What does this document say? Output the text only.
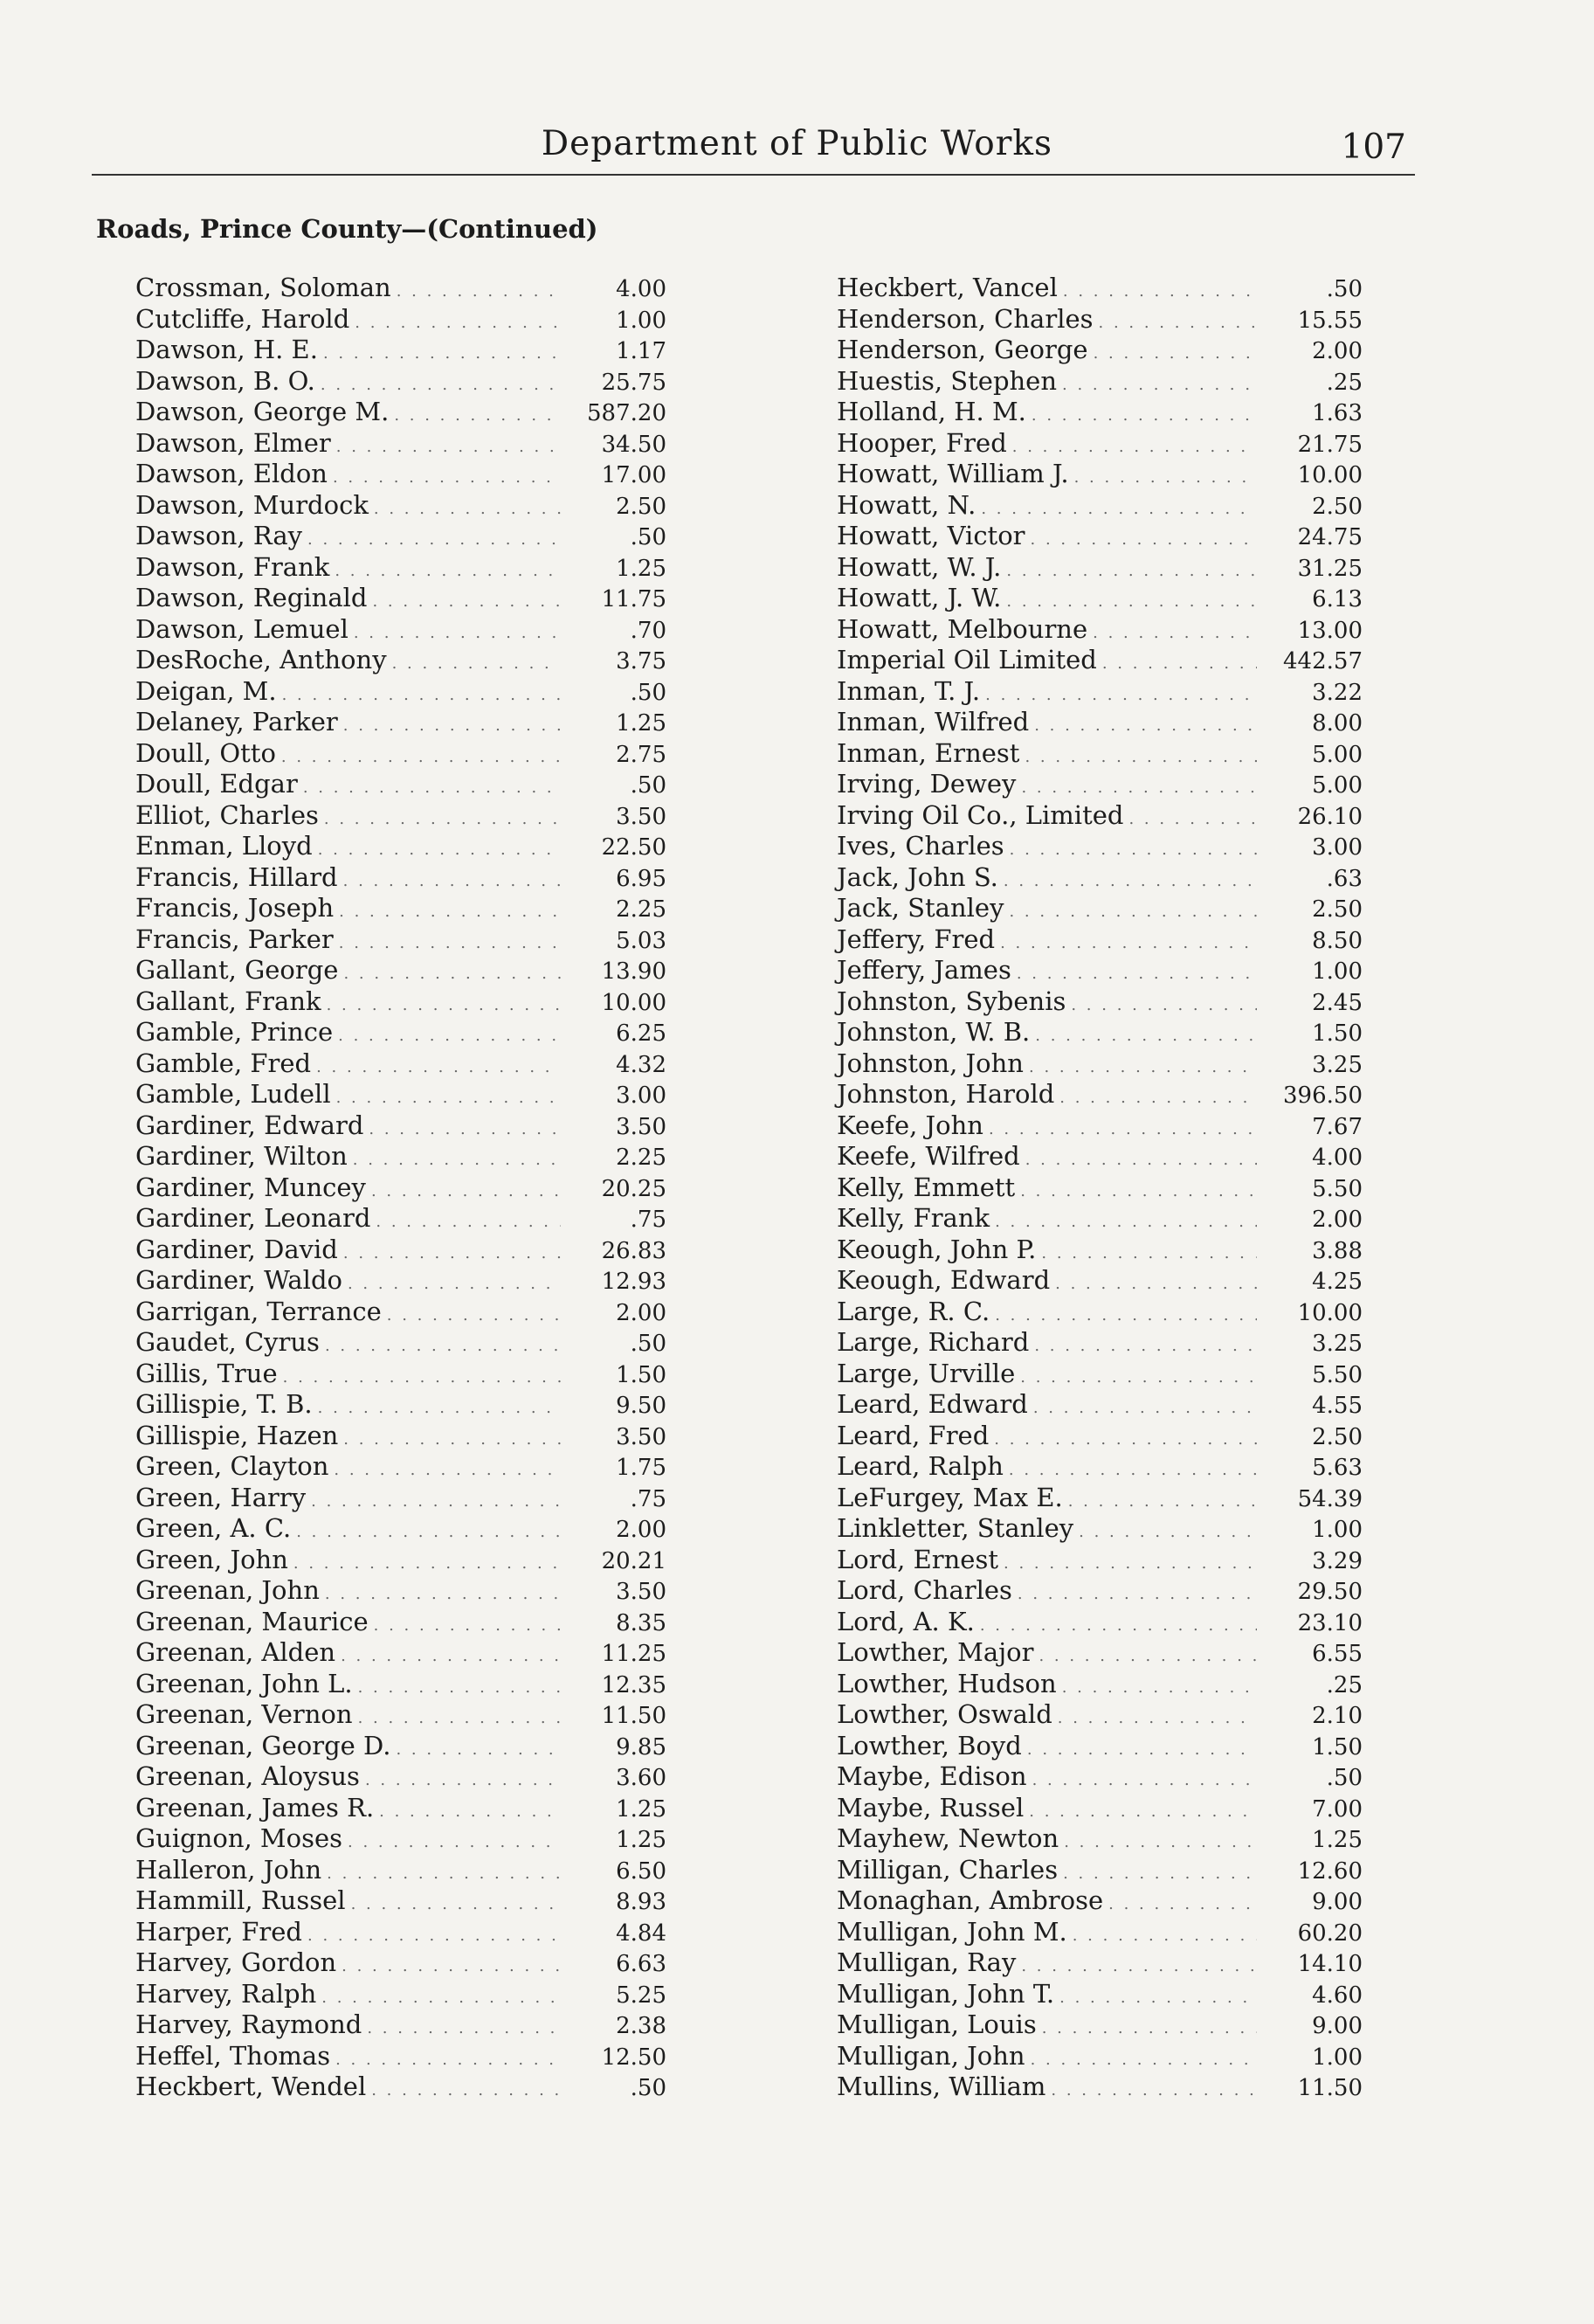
Department of Public Works	107
Roads, Prince County—(Continued)
Crossman, Soloman . . .	4.00
Cutcliffe, Harold . . .	1.00
Dawson, H. E. . . .	1.17
Dawson, B. O. . . .	25.75
Dawson, George M. . . .	587.20
Dawson, Elmer . . .	34.50
Dawson, Eldon . . .	17.00
Dawson, Murdock . . .	2.50
Dawson, Ray . . .	.50
Dawson, Frank . . .	1.25
Dawson, Reginald . . .	11.75
Dawson, Lemuel . . .	.70
DesRoche, Anthony . . .	3.75
Deigan, M. . . .	.50
Delaney, Parker . . .	1.25
Doull, Otto . . .	2.75
Doull, Edgar . . .	.50
Elliot, Charles . . .	3.50
Enman, Lloyd . . .	22.50
Francis, Hillard . . .	6.95
Francis, Joseph . . .	2.25
Francis, Parker . . .	5.03
Gallant, George . . .	13.90
Gallant, Frank . . .	10.00
Gamble, Prince . . .	6.25
Gamble, Fred . . .	4.32
Gamble, Ludell . . .	3.00
Gardiner, Edward . . .	3.50
Gardiner, Wilton . . .	2.25
Gardiner, Muncey . . .	20.25
Gardiner, Leonard . . .	.75
Gardiner, David . . .	26.83
Gardiner, Waldo . . .	12.93
Garrigan, Terrance . . .	2.00
Gaudet, Cyrus . . .	.50
Gillis, True . . .	1.50
Gillispie, T. B. . . .	9.50
Gillispie, Hazen . . .	3.50
Green, Clayton . . .	1.75
Green, Harry . . .	.75
Green, A. C. . . .	2.00
Green, John . . .	20.21
Greenan, John . . .	3.50
Greenan, Maurice . . .	8.35
Greenan, Alden . . .	11.25
Greenan, John L. . . .	12.35
Greenan, Vernon . . .	11.50
Greenan, George D. . . .	9.85
Greenan, Aloysus . . .	3.60
Greenan, James R. . . .	1.25
Guignon, Moses . . .	1.25
Halleron, John . . .	6.50
Hammill, Russel . . .	8.93
Harper, Fred . . .	4.84
Harvey, Gordon . . .	6.63
Harvey, Ralph . . .	5.25
Harvey, Raymond . . .	2.38
Heffel, Thomas . . .	12.50
Heckbert, Wendel . . .	.50
Heckbert, Vancel . . .	.50
Henderson, Charles . . .	15.55
Henderson, George . . .	2.00
Huestis, Stephen . . .	.25
Holland, H. M. . . .	1.63
Hooper, Fred . . .	21.75
Howatt, William J. . . .	10.00
Howatt, N. . . .	2.50
Howatt, Victor . . .	24.75
Howatt, W. J. . . .	31.25
Howatt, J. W. . . .	6.13
Howatt, Melbourne . . .	13.00
Imperial Oil Limited . . .	442.57
Inman, T. J. . . .	3.22
Inman, Wilfred . . .	8.00
Inman, Ernest . . .	5.00
Irving, Dewey . . .	5.00
Irving Oil Co., Limited . . .	26.10
Ives, Charles . . .	3.00
Jack, John S. . . .	.63
Jack, Stanley . . .	2.50
Jeffery, Fred . . .	8.50
Jeffery, James . . .	1.00
Johnston, Sybenis . . .	2.45
Johnston, W. B. . . .	1.50
Johnston, John . . .	3.25
Johnston, Harold . . .	396.50
Keefe, John . . .	7.67
Keefe, Wilfred . . .	4.00
Kelly, Emmett . . .	5.50
Kelly, Frank . . .	2.00
Keough, John P. . . .	3.88
Keough, Edward . . .	4.25
Large, R. C. . . .	10.00
Large, Richard . . .	3.25
Large, Urville . . .	5.50
Leard, Edward . . .	4.55
Leard, Fred . . .	2.50
Leard, Ralph . . .	5.63
LeFurgey, Max E. . . .	54.39
Linkletter, Stanley . . .	1.00
Lord, Ernest . . .	3.29
Lord, Charles . . .	29.50
Lord, A. K. . . .	23.10
Lowther, Major . . .	6.55
Lowther, Hudson . . .	.25
Lowther, Oswald . . .	2.10
Lowther, Boyd . . .	1.50
Maybe, Edison . . .	.50
Maybe, Russel . . .	7.00
Mayhew, Newton . . .	1.25
Milligan, Charles . . .	12.60
Monaghan, Ambrose . . .	9.00
Mulligan, John M. . . .	60.20
Mulligan, Ray . . .	14.10
Mulligan, John T. . . .	4.60
Mulligan, Louis . . .	9.00
Mulligan, John . . .	1.00
Mullins, William . . .	11.50
